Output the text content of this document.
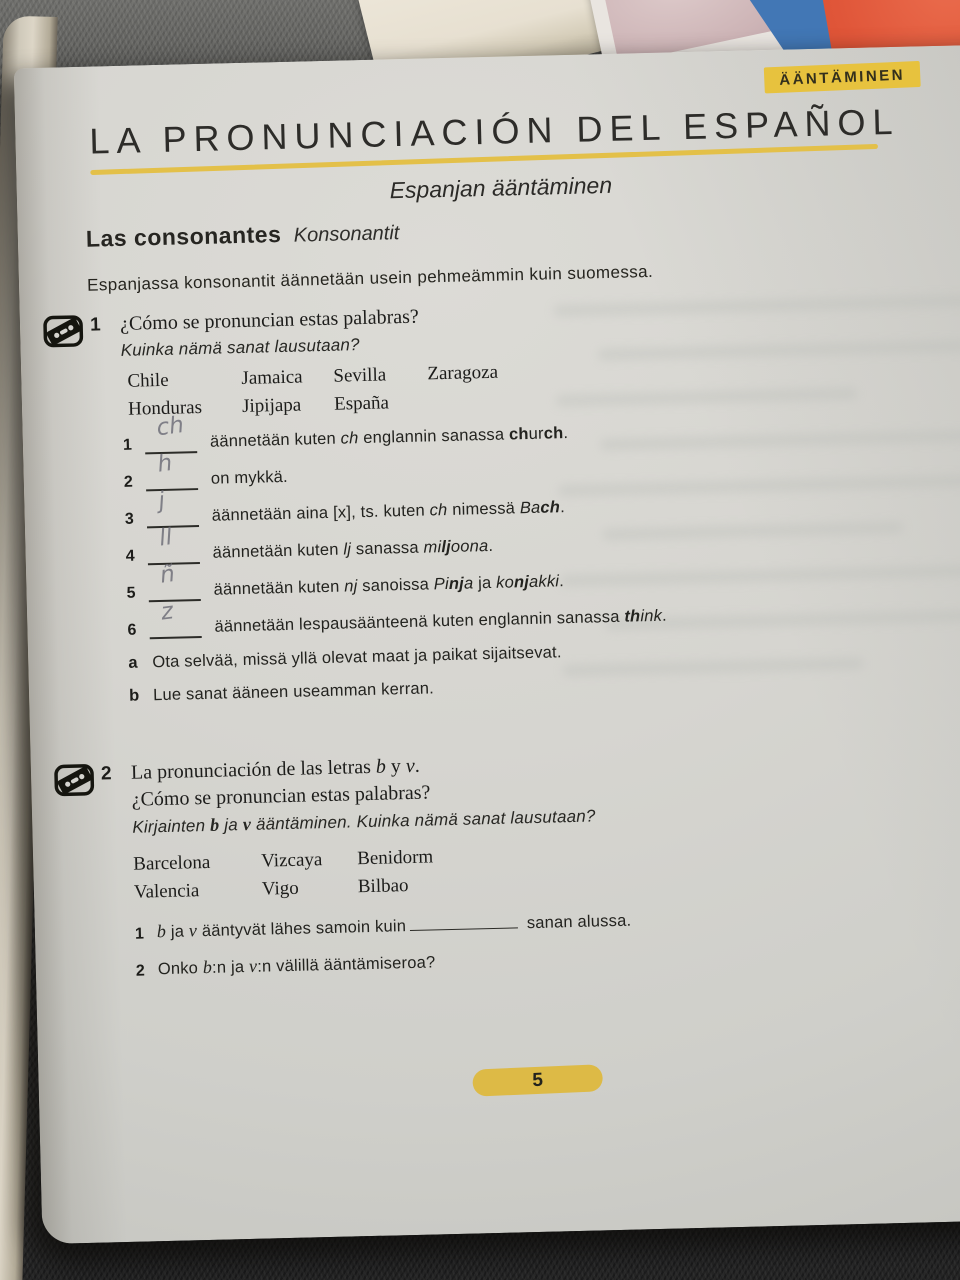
ÄÄNTÄMINEN
LA PRONUNCIACIÓN DEL ESPAÑOL
Espanjan ääntäminen
Las consonantes Konsonantit
Espanjassa konsonantit äännetään usein pehmeämmin kuin suomessa.
1 ¿Cómo se pronuncian estas palabras?
Kuinka nämä sanat lausutaan?
Chile	Jamaica	Sevilla	Zaragoza
Honduras	Jipijapa	España
1
ch äännetään kuten ch englannin sanassa church.
2
h
on mykkä.
3
j	äännetään aina [x], ts. kuten ch nimessä Bach.
4
ll äännetään kuten lj sanassa miljoona.
5
ñ äännetään kuten nj sanoissa Pinja ja konjakki.
6
z äännetään lespausäänteenä kuten englannin sanassa think.
a Ota selvää, missä yllä olevat maat ja paikat sijaitsevat.
b Lue sanat ääneen useamman kerran.
2 La pronunciación de las letras b y v.
¿Cómo se pronuncian estas palabras?
Kirjainten b ja v ääntäminen. Kuinka nämä sanat lausutaan?
Barcelona	Vizcaya	Benidorm
Valencia	Vigo	Bilbao
1 b ja v ääntyvät lähes samoin kuin	sanan alussa.
2 Onko b:n ja v:n välillä ääntämiseroa?
5
